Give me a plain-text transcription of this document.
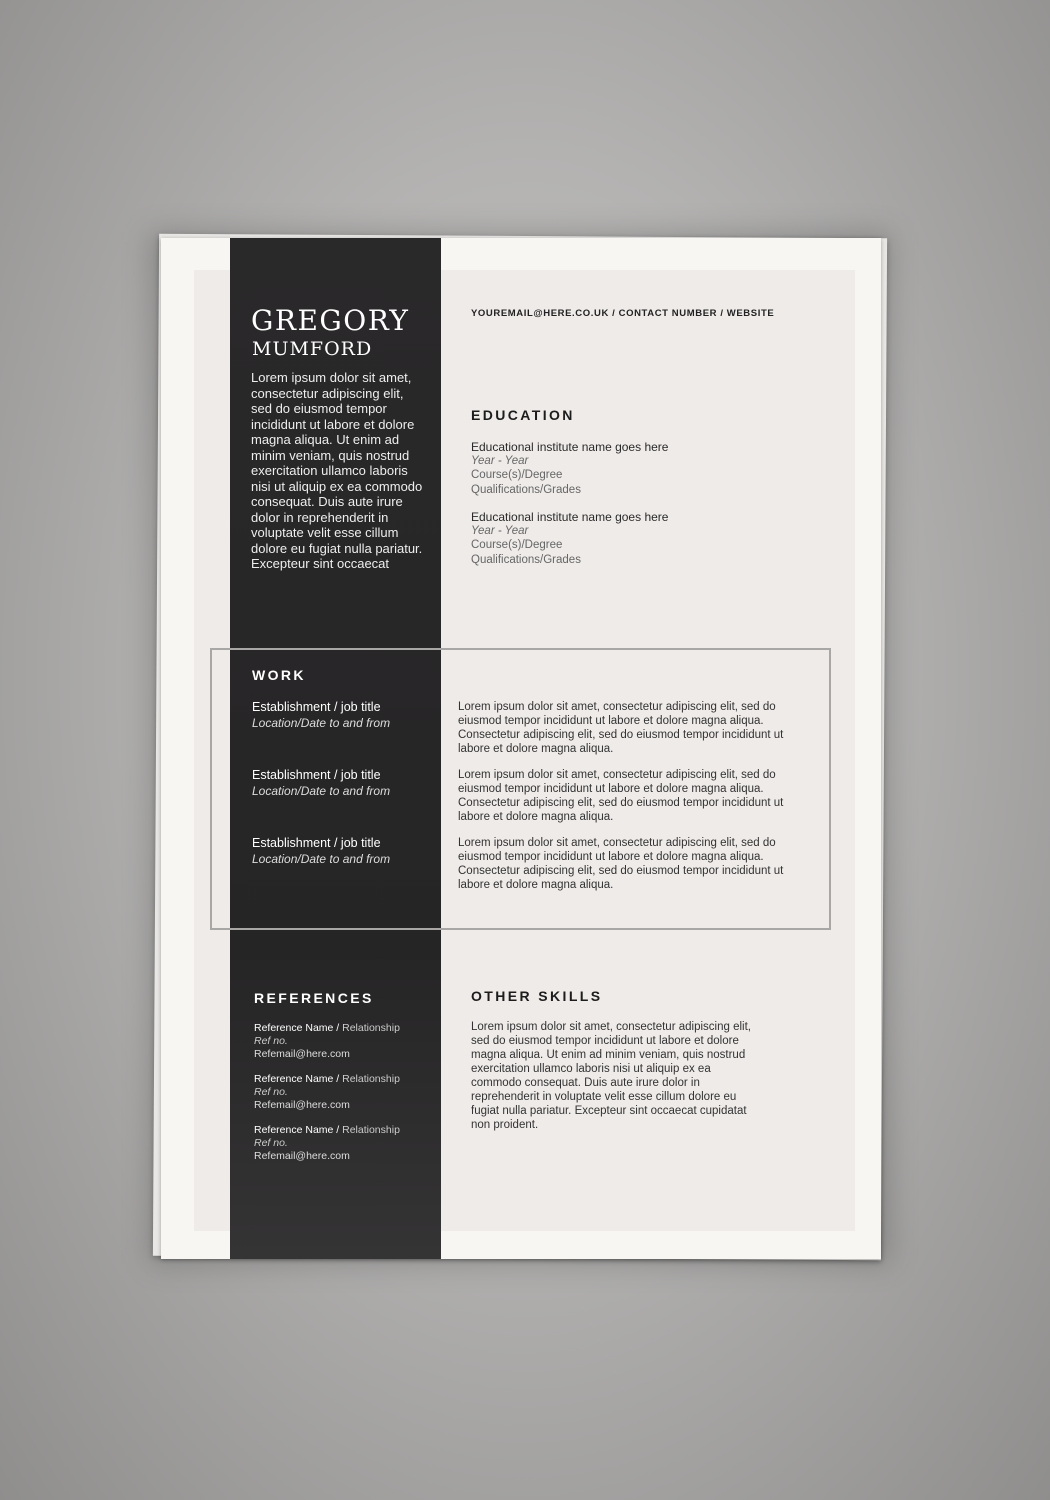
GREGORY
MUMFORD
Lorem ipsum dolor sit amet, consectetur adipiscing elit, sed do eiusmod tempor incididunt ut labore et dolore magna aliqua. Ut enim ad minim veniam, quis nostrud exercitation ullamco laboris nisi ut aliquip ex ea commodo consequat. Duis aute irure dolor in reprehenderit in voluptate velit esse cillum dolore eu fugiat nulla pariatur. Excepteur sint occaecat
YOUREMAIL@HERE.CO.UK / CONTACT NUMBER / WEBSITE
EDUCATION
Educational institute name goes here
Year - Year
Course(s)/Degree
Qualifications/Grades
Educational institute name goes here
Year - Year
Course(s)/Degree
Qualifications/Grades
WORK
Establishment / job title
Location/Date to and from
Lorem ipsum dolor sit amet, consectetur adipiscing elit, sed do eiusmod tempor incididunt ut labore et dolore magna aliqua. Consectetur adipiscing elit, sed do eiusmod tempor incididunt ut labore et dolore magna aliqua.
Establishment / job title
Location/Date to and from
Lorem ipsum dolor sit amet, consectetur adipiscing elit, sed do eiusmod tempor incididunt ut labore et dolore magna aliqua. Consectetur adipiscing elit, sed do eiusmod tempor incididunt ut labore et dolore magna aliqua.
Establishment / job title
Location/Date to and from
Lorem ipsum dolor sit amet, consectetur adipiscing elit, sed do eiusmod tempor incididunt ut labore et dolore magna aliqua. Consectetur adipiscing elit, sed do eiusmod tempor incididunt ut labore et dolore magna aliqua.
REFERENCES
Reference Name / Relationship
Ref no.
Refemail@here.com
Reference Name / Relationship
Ref no.
Refemail@here.com
Reference Name / Relationship
Ref no.
Refemail@here.com
OTHER SKILLS
Lorem ipsum dolor sit amet, consectetur adipiscing elit, sed do eiusmod tempor incididunt ut labore et dolore magna aliqua. Ut enim ad minim veniam, quis nostrud exercitation ullamco laboris nisi ut aliquip ex ea commodo consequat. Duis aute irure dolor in reprehenderit in voluptate velit esse cillum dolore eu fugiat nulla pariatur. Excepteur sint occaecat cupidatat non proident.
